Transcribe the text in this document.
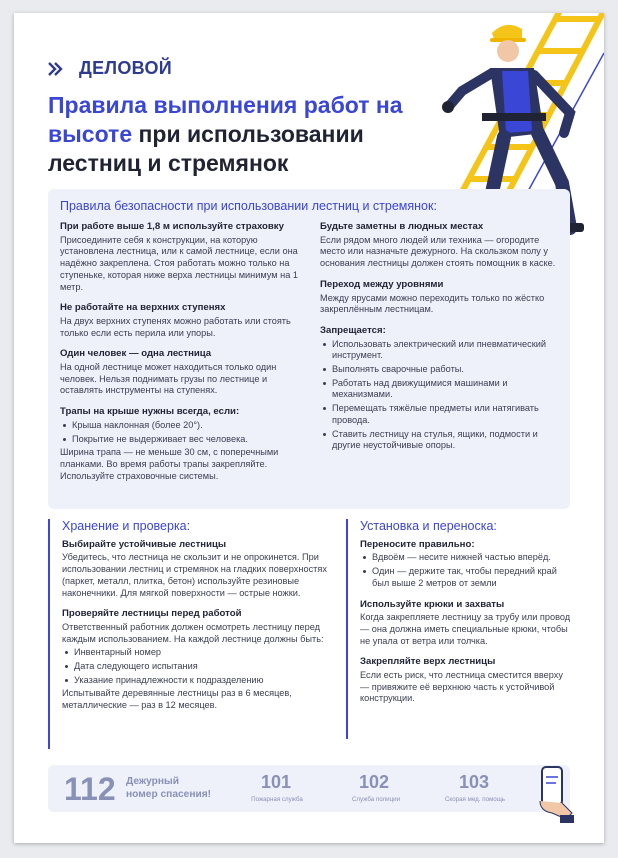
ДЕЛОВОЙ
Правила выполнения работ на высоте при использовании лестниц и стремянок
Правила безопасности при использовании лестниц и стремянок:
При работе выше 1,8 м используйте страховку

Присоедините себя к конструкции, на которую установлена лестница, или к самой лестнице, если она надёжно закреплена. Стоя работать можно только на ступеньке, которая ниже верха лестницы минимум на 1 метр.

Не работайте на верхних ступенях

На двух верхних ступенях можно работать или стоять только если есть перила или упоры.

Один человек — одна лестница

На одной лестнице может находиться только один человек. Нельзя поднимать грузы по лестнице и оставлять инструменты на ступенях.

Трапы на крыше нужны всегда, если:
Крыша наклонная (более 20°).
Покрытие не выдерживает вес человека.

Ширина трапа — не меньше 30 см, с поперечными планками. Во время работы трапы закрепляйте. Используйте страховочные системы.

Будьте заметны в людных местах

Если рядом много людей или техника — огородите место или назначьте дежурного. На скользком полу у основания лестницы должен стоять помощник в каске.

Переход между уровнями

Между ярусами можно переходить только по жёстко закреплённым лестницам.

Запрещается:
Использовать электрический или пневматический инструмент.
Выполнять сварочные работы.
Работать над движущимися машинами и механизмами.
Перемещать тяжёлые предметы или натягивать провода.
Ставить лестницу на стулья, ящики, подмости и другие неустойчивые опоры.
Хранение и проверка:
Выбирайте устойчивые лестницы

Убедитесь, что лестница не скользит и не опрокинется. При использовании лестниц и стремянок на гладких поверхностях (паркет, металл, плитка, бетон) используйте резиновые наконечники. Для мягкой поверхности — острые ножки.

Проверяйте лестницы перед работой

Ответственный работник должен осмотреть лестницу перед каждым использованием. На каждой лестнице должны быть:

Инвентарный номер
Дата следующего испытания
Указание принадлежности к подразделению

Испытывайте деревянные лестницы раз в 6 месяцев, металлические — раз в 12 месяцев.

Установка и переноска:
Переносите правильно:
Вдвоём — несите нижней частью вперёд.
Один — держите так, чтобы передний край был выше 2 метров от земли
Используйте крюки и захваты

Когда закрепляете лестницу за трубу или провод — она должна иметь специальные крюки, чтобы не упала от ветра или толчка.

Закрепляйте верх лестницы

Если есть риск, что лестница сместится вверху — привяжите её верхнюю часть к устойчивой конструкции.

112 Дежурный
номер спасения!
101
Пожарная служба
102
Служба полиции
103
Скорая мед. помощь
